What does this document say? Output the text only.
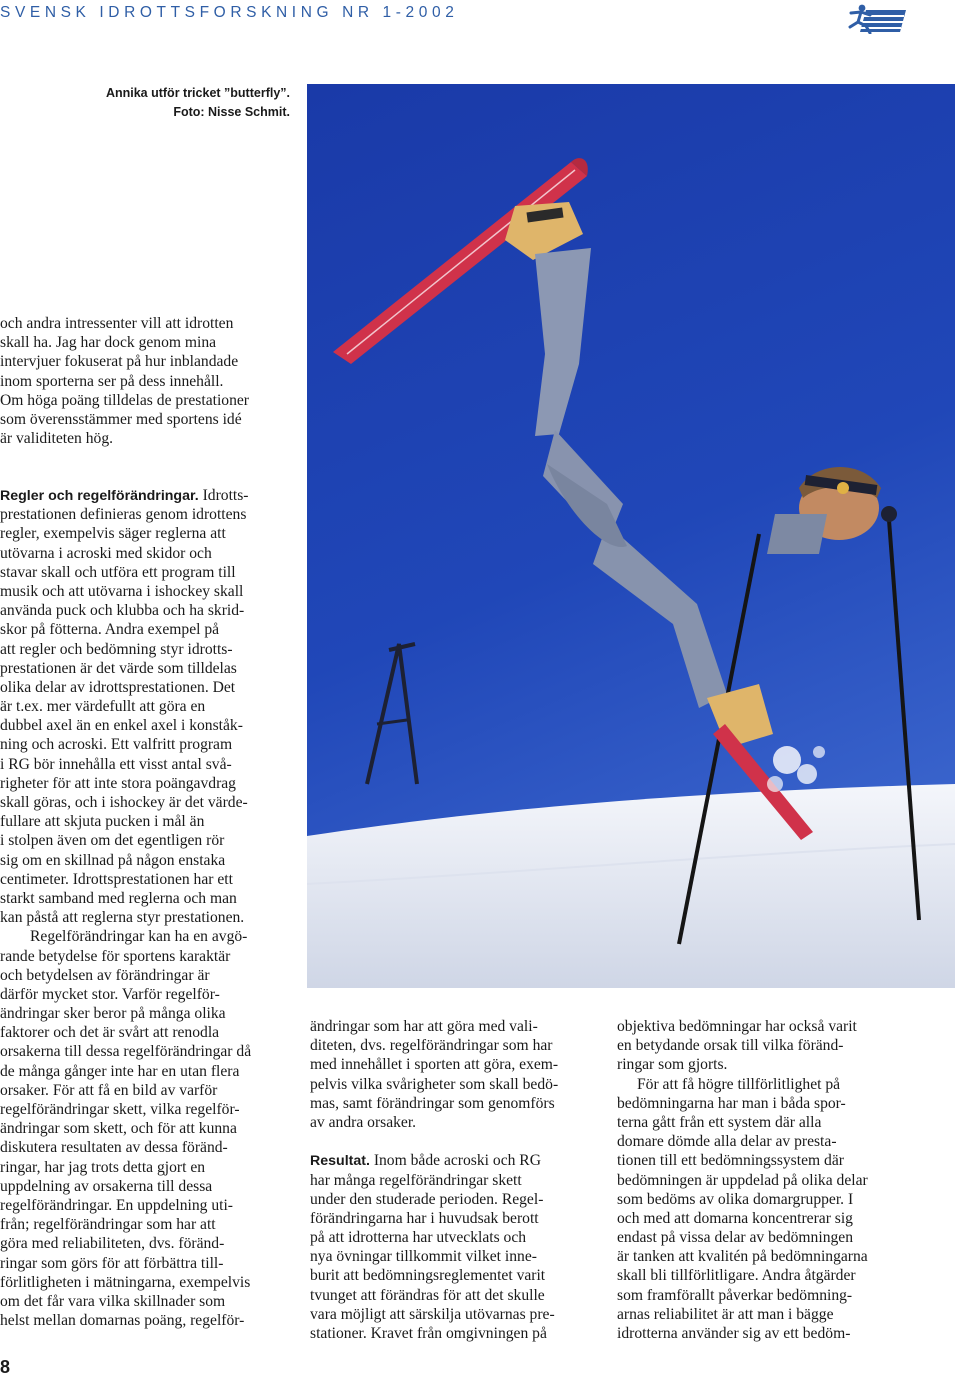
SVENSK IDROTTSFORSKNING NR 1-2002
Annika utför tricket ”butterfly”.
Foto: Nisse Schmit.
och andra intressenter vill att idrotten
skall ha. Jag har dock genom mina
intervjuer fokuserat på hur inblandade
inom sporterna ser på dess innehåll.
Om höga poäng tilldelas de prestationer
som överensstämmer med sportens idé
är validiteten hög.
Regler och regelförändringar. Idrotts-
prestationen definieras genom idrottens
regler, exempelvis säger reglerna att
utövarna i acroski med skidor och
stavar skall och utföra ett program till
musik och att utövarna i ishockey skall
använda puck och klubba och ha skrid-
skor på fötterna. Andra exempel på
att regler och bedömning styr idrotts-
prestationen är det värde som tilldelas
olika delar av idrottsprestationen. Det
är t.ex. mer värdefullt att göra en
dubbel axel än en enkel axel i konståk-
ning och acroski. Ett valfritt program
i RG bör innehålla ett visst antal svå-
righeter för att inte stora poängavdrag
skall göras, och i ishockey är det värde-
fullare att skjuta pucken i mål än
i stolpen även om det egentligen rör
sig om en skillnad på någon enstaka
centimeter. Idrottsprestationen har ett
starkt samband med reglerna och man
kan påstå att reglerna styr prestationen.
Regelförändringar kan ha en avgö-
rande betydelse för sportens karaktär
och betydelsen av förändringar är
därför mycket stor. Varför regelför-
ändringar sker beror på många olika
faktorer och det är svårt att renodla
orsakerna till dessa regelförändringar då
de många gånger inte har en utan flera
orsaker. För att få en bild av varför
regelförändringar skett, vilka regelför-
ändringar som skett, och för att kunna
diskutera resultaten av dessa föränd-
ringar, har jag trots detta gjort en
uppdelning av orsakerna till dessa
regelförändringar. En uppdelning uti-
från; regelförändringar som har att
göra med reliabiliteten, dvs. föränd-
ringar som görs för att förbättra till-
förlitligheten i mätningarna, exempelvis
om det får vara vilka skillnader som
helst mellan domarnas poäng, regelför-
ändringar som har att göra med vali-
diteten, dvs. regelförändringar som har
med innehållet i sporten att göra, exem-
pelvis vilka svårigheter som skall bedö-
mas, samt förändringar som genomförs
av andra orsaker.
Resultat. Inom både acroski och RG
har många regelförändringar skett
under den studerade perioden. Regel-
förändringarna har i huvudsak berott
på att idrotterna har utvecklats och
nya övningar tillkommit vilket inne-
burit att bedömningsreglementet varit
tvunget att förändras för att det skulle
vara möjligt att särskilja utövarnas pre-
stationer. Kravet från omgivningen på
objektiva bedömningar har också varit
en betydande orsak till vilka föränd-
ringar som gjorts.
För att få högre tillförlitlighet på
bedömningarna har man i båda spor-
terna gått från ett system där alla
domare dömde alla delar av presta-
tionen till ett bedömningssystem där
bedömningen är uppdelad på olika delar
som bedöms av olika domargrupper. I
och med att domarna koncentrerar sig
endast på vissa delar av bedömningen
är tanken att kvalitén på bedömningarna
skall bli tillförlitligare. Andra åtgärder
som framförallt påverkar bedömning-
arnas reliabilitet är att man i bägge
idrotterna använder sig av ett bedöm-
8
